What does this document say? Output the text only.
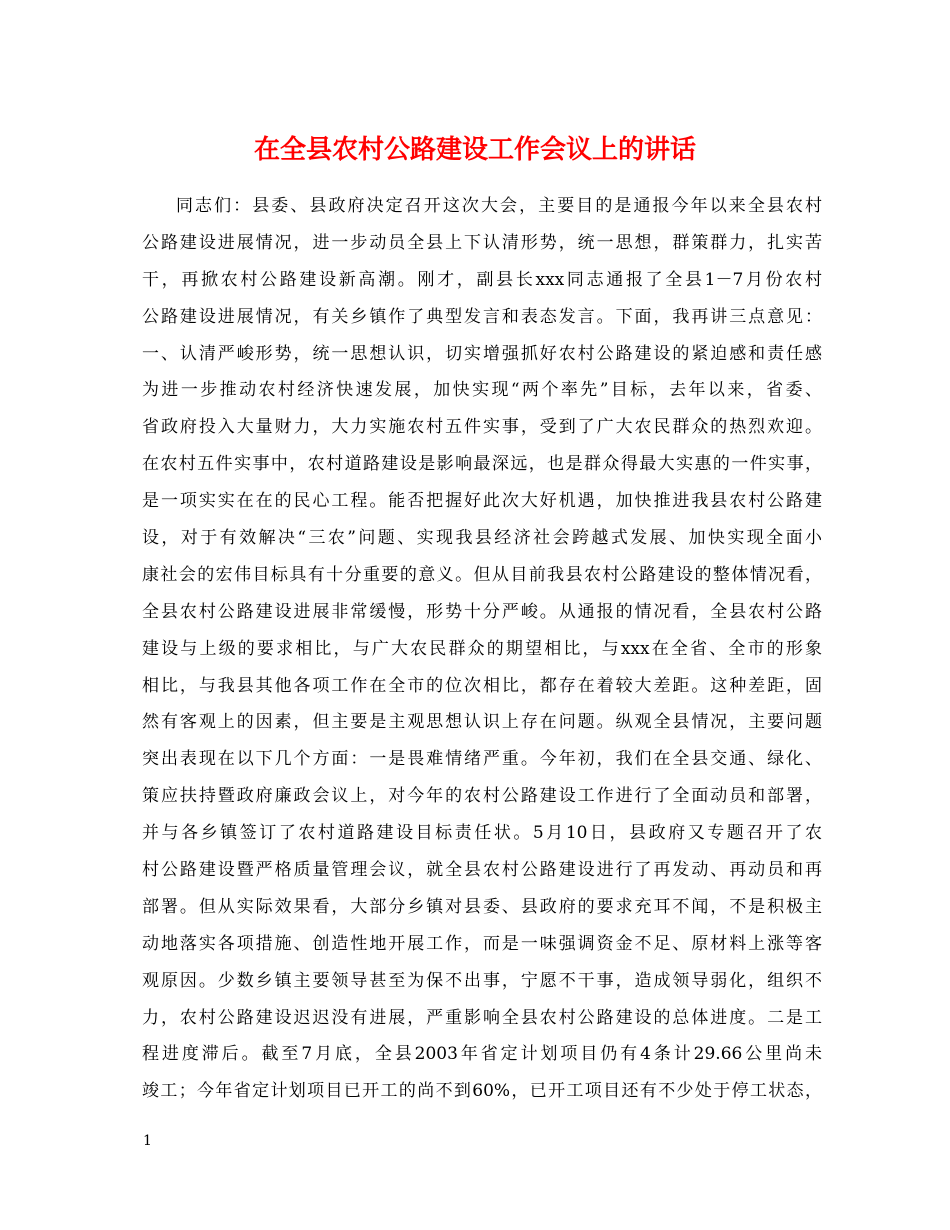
在全县农村公路建设工作会议上的讲话
同志们：县委、县政府决定召开这次大会，主要目的是通报今年以来全县农村
公路建设进展情况，进一步动员全县上下认清形势，统一思想，群策群力，扎实苦
干，再掀农村公路建设新高潮。刚才，副县长xxx同志通报了全县1－7月份农村
公路建设进展情况，有关乡镇作了典型发言和表态发言。下面，我再讲三点意见：
一、认清严峻形势，统一思想认识，切实增强抓好农村公路建设的紧迫感和责任感
为进一步推动农村经济快速发展，加快实现“两个率先”目标，去年以来，省委、
省政府投入大量财力，大力实施农村五件实事，受到了广大农民群众的热烈欢迎。
在农村五件实事中，农村道路建设是影响最深远，也是群众得最大实惠的一件实事，
是一项实实在在的民心工程。能否把握好此次大好机遇，加快推进我县农村公路建
设，对于有效解决“三农”问题、实现我县经济社会跨越式发展、加快实现全面小
康社会的宏伟目标具有十分重要的意义。但从目前我县农村公路建设的整体情况看，
全县农村公路建设进展非常缓慢，形势十分严峻。从通报的情况看，全县农村公路
建设与上级的要求相比，与广大农民群众的期望相比，与xxx在全省、全市的形象
相比，与我县其他各项工作在全市的位次相比，都存在着较大差距。这种差距，固
然有客观上的因素，但主要是主观思想认识上存在问题。纵观全县情况，主要问题
突出表现在以下几个方面：一是畏难情绪严重。今年初，我们在全县交通、绿化、
策应扶持暨政府廉政会议上，对今年的农村公路建设工作进行了全面动员和部署，
并与各乡镇签订了农村道路建设目标责任状。5月10日，县政府又专题召开了农
村公路建设暨严格质量管理会议，就全县农村公路建设进行了再发动、再动员和再
部署。但从实际效果看，大部分乡镇对县委、县政府的要求充耳不闻，不是积极主
动地落实各项措施、创造性地开展工作，而是一味强调资金不足、原材料上涨等客
观原因。少数乡镇主要领导甚至为保不出事，宁愿不干事，造成领导弱化，组织不
力，农村公路建设迟迟没有进展，严重影响全县农村公路建设的总体进度。二是工
程进度滞后。截至7月底，全县2003年省定计划项目仍有4条计29.66公里尚未
竣工；今年省定计划项目已开工的尚不到60%，已开工项目还有不少处于停工状态，
1
